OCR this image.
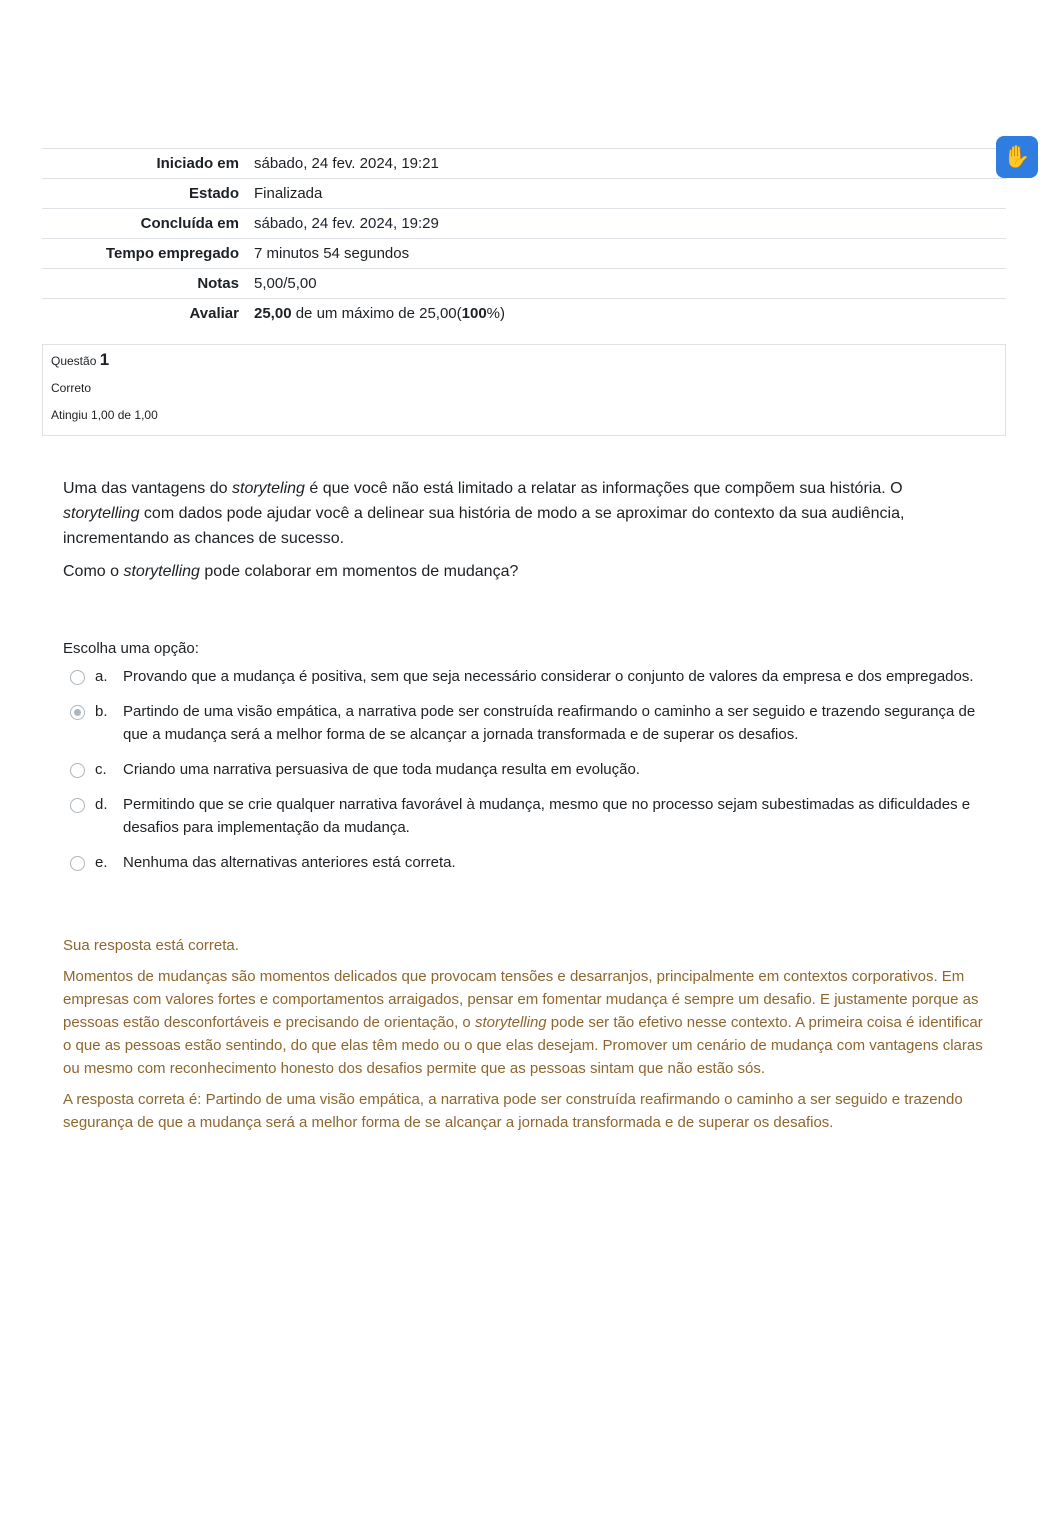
Iniciado em	sábado, 24 fev. 2024, 19:21
Estado	Finalizada
Concluída em	sábado, 24 fev. 2024, 19:29
Tempo empregado	7 minutos 54 segundos
Notas	5,00/5,00
Avaliar	25,00 de um máximo de 25,00(100%)
✋
Questão 1
Correto
Atingiu 1,00 de 1,00

Uma das vantagens do storyteling é que você não está limitado a relatar as informações que compõem sua história. O storytelling com dados pode ajudar você a delinear sua história de modo a se aproximar do contexto da sua audiência, incrementando as chances de sucesso.

Como o storytelling pode colaborar em momentos de mudança?

Escolha uma opção:
a.	Provando que a mudança é positiva, sem que seja necessário considerar o conjunto de valores da empresa e dos empregados.
b.	Partindo de uma visão empática, a narrativa pode ser construída reafirmando o caminho a ser seguido e trazendo segurança de que a mudança será a melhor forma de se alcançar a jornada transformada e de superar os desafios.
c.	Criando uma narrativa persuasiva de que toda mudança resulta em evolução.
d.	Permitindo que se crie qualquer narrativa favorável à mudança, mesmo que no processo sejam subestimadas as dificuldades e desafios para implementação da mudança.
e.	Nenhuma das alternativas anteriores está correta.

Sua resposta está correta.

Momentos de mudanças são momentos delicados que provocam tensões e desarranjos, principalmente em contextos corporativos. Em empresas com valores fortes e comportamentos arraigados, pensar em fomentar mudança é sempre um desafio. E justamente porque as pessoas estão desconfortáveis e precisando de orientação, o storytelling pode ser tão efetivo nesse contexto. A primeira coisa é identificar o que as pessoas estão sentindo, do que elas têm medo ou o que elas desejam. Promover um cenário de mudança com vantagens claras ou mesmo com reconhecimento honesto dos desafios permite que as pessoas sintam que não estão sós.

A resposta correta é: Partindo de uma visão empática, a narrativa pode ser construída reafirmando o caminho a ser seguido e trazendo segurança de que a mudança será a melhor forma de se alcançar a jornada transformada e de superar os desafios.
